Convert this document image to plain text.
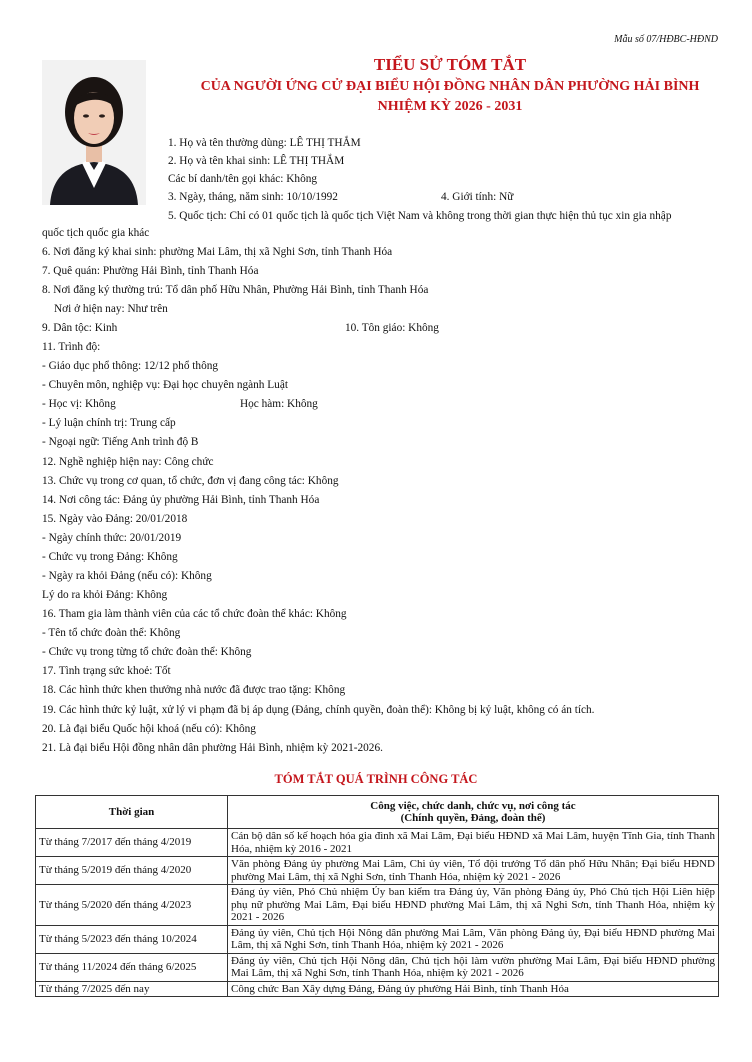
Mẫu số 07/HĐBC-HĐND
TIỂU SỬ TÓM TẮT
CỦA NGƯỜI ỨNG CỬ ĐẠI BIỂU HỘI ĐỒNG NHÂN DÂN PHƯỜNG HẢI BÌNH
NHIỆM KỲ 2026 - 2031
1. Họ và tên thường dùng: LÊ THỊ THẮM
2. Họ và tên khai sinh: LÊ THỊ THẮM
Các bí danh/tên gọi khác: Không
3. Ngày, tháng, năm sinh: 10/10/1992	4. Giới tính: Nữ
5. Quốc tịch: Chỉ có 01 quốc tịch là quốc tịch Việt Nam và không trong thời gian thực hiện thủ tục xin gia nhập
quốc tịch quốc gia khác
6. Nơi đăng ký khai sinh: phường Mai Lâm, thị xã Nghi Sơn, tỉnh Thanh Hóa
7. Quê quán: Phường Hải Bình, tỉnh Thanh Hóa
8. Nơi đăng ký thường trú: Tổ dân phố Hữu Nhân, Phường Hải Bình, tỉnh Thanh Hóa
Nơi ở hiện nay: Như trên
9. Dân tộc: Kinh	10. Tôn giáo: Không
11. Trình độ:
- Giáo dục phổ thông: 12/12 phổ thông
- Chuyên môn, nghiệp vụ: Đại học chuyên ngành Luật
- Học vị: Không	Học hàm: Không
- Lý luận chính trị: Trung cấp
- Ngoại ngữ: Tiếng Anh trình độ B
12. Nghề nghiệp hiện nay: Công chức
13. Chức vụ trong cơ quan, tổ chức, đơn vị đang công tác: Không
14. Nơi công tác: Đảng ủy phường Hải Bình, tỉnh Thanh Hóa
15. Ngày vào Đảng: 20/01/2018
- Ngày chính thức: 20/01/2019
- Chức vụ trong Đảng: Không
- Ngày ra khỏi Đảng (nếu có): Không
Lý do ra khỏi Đảng: Không
16. Tham gia làm thành viên của các tổ chức đoàn thể khác: Không
- Tên tổ chức đoàn thể: Không
- Chức vụ trong từng tổ chức đoàn thể: Không
17. Tình trạng sức khoẻ: Tốt
18. Các hình thức khen thưởng nhà nước đã được trao tặng: Không
19. Các hình thức kỷ luật, xử lý vi phạm đã bị áp dụng (Đảng, chính quyền, đoàn thể): Không bị kỷ luật, không có án tích.
20. Là đại biểu Quốc hội khoá (nếu có): Không
21. Là đại biểu Hội đồng nhân dân phường Hải Bình, nhiệm kỳ 2021-2026.
TÓM TẮT QUÁ TRÌNH CÔNG TÁC
Thời gian	Công việc, chức danh, chức vụ, nơi công tác
(Chính quyền, Đảng, đoàn thể)

Từ tháng 7/2017 đến tháng 4/2019	Cán bộ dân số kế hoạch hóa gia đình xã Mai Lâm, Đại biểu HĐND xã Mai Lâm, huyện Tĩnh Gia, tỉnh Thanh Hóa, nhiệm kỳ 2016 - 2021
Từ tháng 5/2019 đến tháng 4/2020	Văn phòng Đảng ủy phường Mai Lâm, Chi ủy viên, Tổ đội trưởng Tổ dân phố Hữu Nhân; Đại biểu HĐND phường Mai Lâm, thị xã Nghi Sơn, tỉnh Thanh Hóa, nhiệm kỳ 2021 - 2026
Từ tháng 5/2020 đến tháng 4/2023	Đảng ủy viên, Phó Chủ nhiệm Ủy ban kiểm tra Đảng ủy, Văn phòng Đảng ủy, Phó Chủ tịch Hội Liên hiệp phụ nữ phường Mai Lâm, Đại biểu HĐND phường Mai Lâm, thị xã Nghi Sơn, tỉnh Thanh Hóa, nhiệm kỳ 2021 - 2026
Từ tháng 5/2023 đến tháng 10/2024	Đảng ủy viên, Chủ tịch Hội Nông dân phường Mai Lâm, Văn phòng Đảng ủy, Đại biểu HĐND phường Mai Lâm, thị xã Nghi Sơn, tỉnh Thanh Hóa, nhiệm kỳ 2021 - 2026
Từ tháng 11/2024 đến tháng 6/2025	Đảng ủy viên, Chủ tịch Hội Nông dân, Chủ tịch hội làm vườn phường Mai Lâm, Đại biểu HĐND phường Mai Lâm, thị xã Nghi Sơn, tỉnh Thanh Hóa, nhiệm kỳ 2021 - 2026
Từ tháng 7/2025 đến nay	Công chức Ban Xây dựng Đảng, Đảng ủy phường Hải Bình, tỉnh Thanh Hóa
